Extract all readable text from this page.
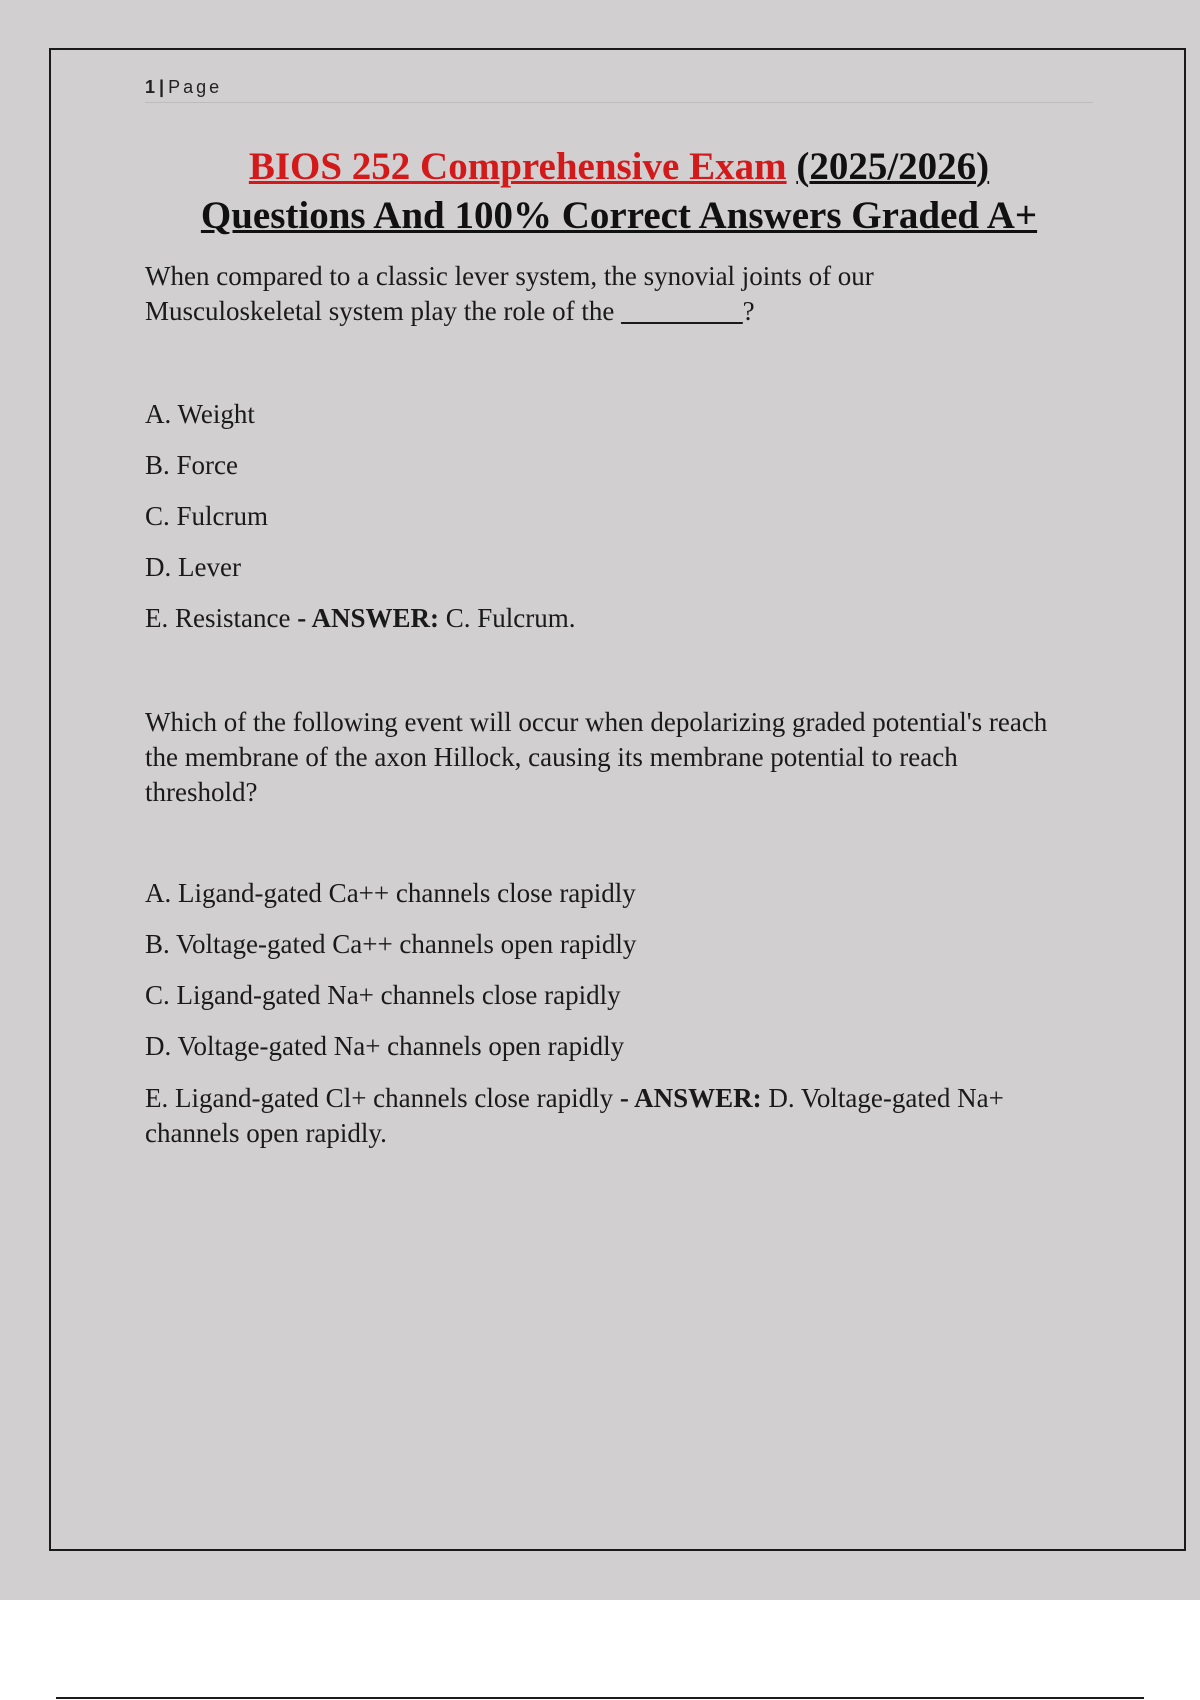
1 | Page
BIOS 252 Comprehensive Exam (2025/2026)
Questions And 100% Correct Answers Graded A+
When compared to a classic lever system, the synovial joints of our
Musculoskeletal system play the role of the _________?
A. Weight
B. Force
C. Fulcrum
D. Lever
E. Resistance - ANSWER: C. Fulcrum.
Which of the following event will occur when depolarizing graded potential's reach
the membrane of the axon Hillock, causing its membrane potential to reach
threshold?
A. Ligand-gated Ca++ channels close rapidly
B. Voltage-gated Ca++ channels open rapidly
C. Ligand-gated Na+ channels close rapidly
D. Voltage-gated Na+ channels open rapidly
E. Ligand-gated Cl+ channels close rapidly - ANSWER: D. Voltage-gated Na+
channels open rapidly.
